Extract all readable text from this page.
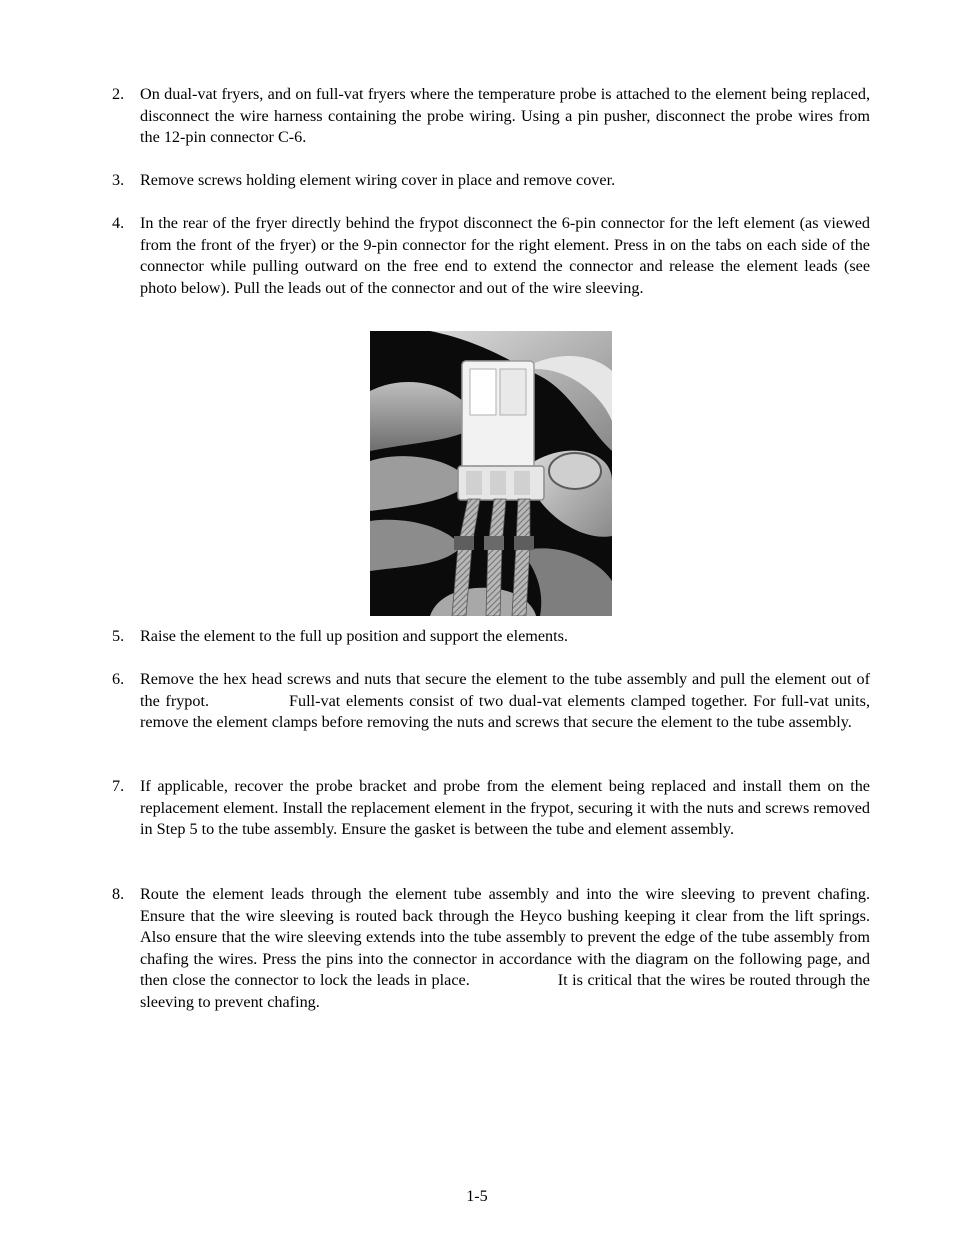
2. On dual-vat fryers, and on full-vat fryers where the temperature probe is attached to the element being replaced, disconnect the wire harness containing the probe wiring. Using a pin pusher, disconnect the probe wires from the 12-pin connector C-6.
3. Remove screws holding element wiring cover in place and remove cover.
4. In the rear of the fryer directly behind the frypot disconnect the 6-pin connector for the left element (as viewed from the front of the fryer) or the 9-pin connector for the right element. Press in on the tabs on each side of the connector while pulling outward on the free end to extend the connector and release the element leads (see photo below). Pull the leads out of the connector and out of the wire sleeving.
5. Raise the element to the full up position and support the elements.
6. Remove the hex head screws and nuts that secure the element to the tube assembly and pull the element out of the frypot.	Full-vat elements consist of two dual-vat elements clamped together. For full-vat units, remove the element clamps before removing the nuts and screws that secure the element to the tube assembly.
7. If applicable, recover the probe bracket and probe from the element being replaced and install them on the replacement element. Install the replacement element in the frypot, securing it with the nuts and screws removed in Step 5 to the tube assembly. Ensure the gasket is between the tube and element assembly.
8. Route the element leads through the element tube assembly and into the wire sleeving to prevent chafing. Ensure that the wire sleeving is routed back through the Heyco bushing keeping it clear from the lift springs. Also ensure that the wire sleeving extends into the tube assembly to prevent the edge of the tube assembly from chafing the wires. Press the pins into the connector in accordance with the diagram on the following page, and then close the connector to lock the leads in place.	It is critical that the wires be routed through the sleeving to prevent chafing.
1-5
